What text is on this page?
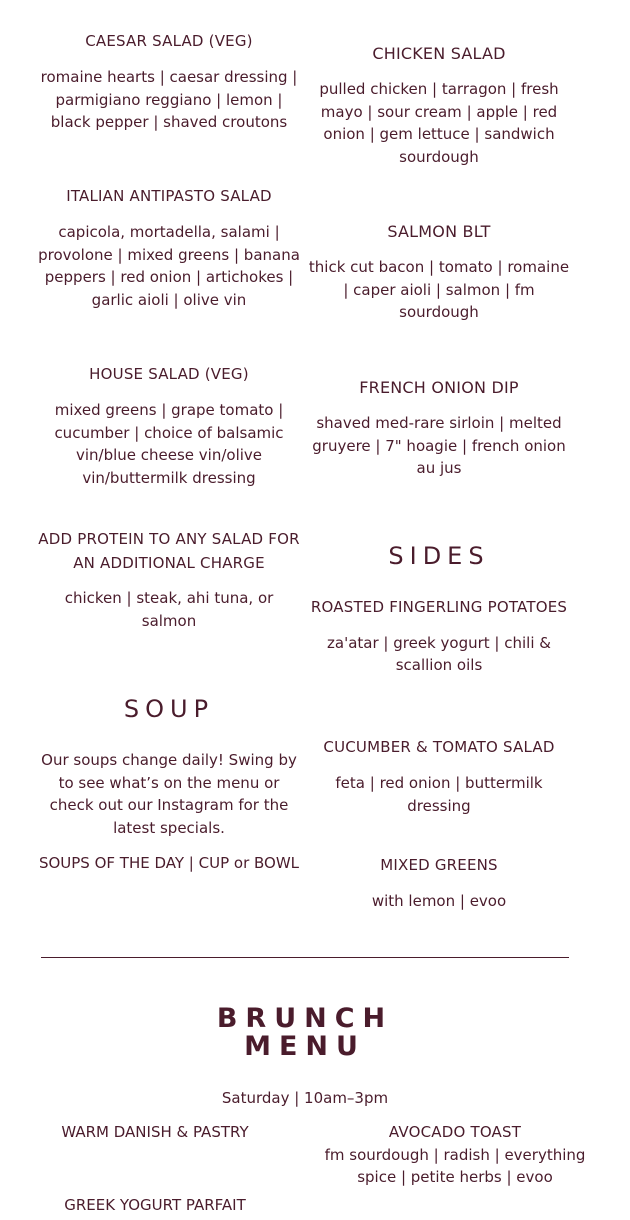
CAESAR SALAD (VEG)

romaine hearts | caesar dressing | parmigiano reggiano | lemon | black pepper | shaved croutons

ITALIAN ANTIPASTO SALAD

capicola, mortadella, salami | provolone | mixed greens | banana peppers | red onion | artichokes | garlic aioli | olive vin

HOUSE SALAD (VEG)

mixed greens | grape tomato | cucumber | choice of balsamic vin/blue cheese vin/olive vin/buttermilk dressing

ADD PROTEIN TO ANY SALAD FOR AN ADDITIONAL CHARGE

chicken | steak, ahi tuna, or salmon

SOUP

Our soups change daily! Swing by to see what’s on the menu or check out our Instagram for the latest specials.

SOUPS OF THE DAY | CUP or BOWL

CHICKEN SALAD

pulled chicken | tarragon | fresh mayo | sour cream | apple | red onion | gem lettuce | sandwich sourdough

SALMON BLT

thick cut bacon | tomato | romaine | caper aioli | salmon | fm sourdough

FRENCH ONION DIP

shaved med-rare sirloin | melted gruyere | 7" hoagie | french onion au jus

SIDES

ROASTED FINGERLING POTATOES

za'atar | greek yogurt | chili & scallion oils

CUCUMBER & TOMATO SALAD

feta | red onion | buttermilk dressing

MIXED GREENS

with lemon | evoo

BRUNCH
MENU

Saturday | 10am–3pm

WARM DANISH & PASTRY

GREEK YOGURT PARFAIT

AVOCADO TOAST

fm sourdough | radish | everything spice | petite herbs | evoo
